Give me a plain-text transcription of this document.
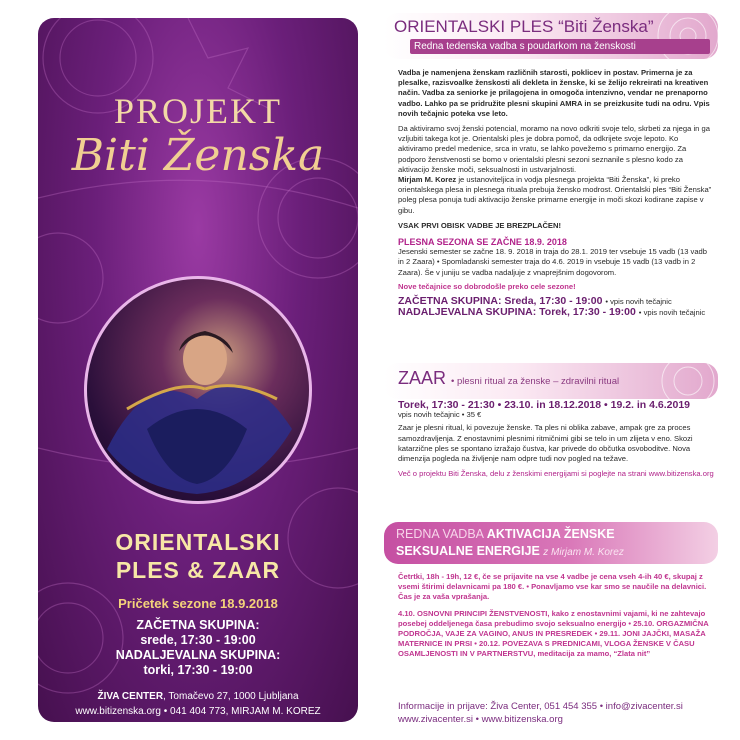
PROJEKT
Biti Ženska
ORIENTALSKI
PLES & ZAAR
Pričetek sezone 18.9.2018
ZAČETNA SKUPINA:
srede, 17:30 - 19:00
NADALJEVALNA SKUPINA:
torki, 17:30 - 19:00
ŽIVA CENTER, Tomačevo 27, 1000 Ljubljana
www.bitizenska.org • 041 404 773, MIRJAM M. KOREZ
ORIENTALSKI PLES “Biti Ženska”
Redna tedenska vadba s poudarkom na ženskosti
Vadba je namenjena ženskam različnih starosti, poklicev in postav. Primerna je za plesalke, razisvoalke ženskosti ali dekleta in ženske, ki se želijo rekreirati na kreativen način. Vadba za seniorke je prilagojena in omogoča intenzivno, vendar ne prenaporno vadbo. Lahko pa se pridružite plesni skupini AMRA in se preizkusite tudi na odru. Vpis novih tečajnic poteka vse leto.
Da aktiviramo svoj ženski potencial, moramo na novo odkriti svoje telo, skrbeti za njega in ga vzljubiti takega kot je. Orientalski ples je dobra pomoč, da odkrijete svoje lepoto. Ko aktiviramo predel medenice, srca in vratu, se lahko povežemo s primarno energijo. Za podporo ženstvenosti se bomo v orientalski plesni sezoni seznanile s plesno kodo za aktivacijo ženske moči, seksualnosti in ustvarjalnosti.
Mirjam M. Korez je ustanoviteljica in vodja plesnega projekta “Biti Ženska”, ki preko orientalskega plesa in plesnega rituala prebuja žensko modrost. Orientalski ples “Biti Ženska” poleg plesa ponuja tudi aktivacijo ženske primarne energije in moči skozi kodirane zapise v gibu.
VSAK PRVI OBISK VADBE JE BREZPLAČEN!
PLESNA SEZONA SE ZAČNE 18.9. 2018
Jesenski semester se začne 18. 9. 2018 in traja do 28.1. 2019 ter vsebuje 15 vadb (13 vadb in 2 Zaara) • Spomladanski semester traja do 4.6. 2019 in vsebuje 15 vadb (13 vadb in 2 Zaara). Še v juniju se vadba nadaljuje z vnaprejšnim dogovorom.
Nove tečajnice so dobrodošle preko cele sezone!
ZAČETNA SKUPINA: Sreda, 17:30 - 19:00 • vpis novih tečajnic
NADALJEVALNA SKUPINA: Torek, 17:30 - 19:00 • vpis novih tečajnic
ZAAR • plesni ritual za ženske – zdravilni ritual
Torek, 17:30 - 21:30 • 23.10. in 18.12.2018 • 19.2. in 4.6.2019
vpis novih tečajnic • 35 €
Zaar je plesni ritual, ki povezuje ženske. Ta ples ni oblika zabave, ampak gre za proces samozdravljenja. Z enostavnimi plesnimi ritmičnimi gibi se telo in um zlijeta v eno. Skozi katarzične ples se spontano izražajo čustva, kar privede do občutka osvoboditve. Nova dimenzija pogleda na življenje nam odpre tudi nov pogled na težave.
Več o projektu Biti Ženska, delu z ženskimi energijami si poglejte na strani www.bitizenska.org
REDNA VADBA AKTIVACIJA ŽENSKE
SEKSUALNE ENERGIJE z Mirjam M. Korez
Četrtki, 18h - 19h, 12 €, če se prijavite na vse 4 vadbe je cena vseh 4-ih 40 €, skupaj z vsemi štirimi delavnicami pa 180 €. • Ponavljamo vse kar smo se naučile na delavnici. Čas je za vaša vprašanja.
4.10. OSNOVNI PRINCIPI ŽENSTVENOSTI, kako z enostavnimi vajami, ki ne zahtevajo posebej oddeljenega časa prebudimo svojo seksualno energijo • 25.10. ORGAZMIČNA PODROČJA, VAJE ZA VAGINO, ANUS IN PRESREDEK • 29.11. JONI JAJČKI, MASAŽA MATERNICE IN PRSI • 20.12. POVEZAVA S PREDNICAMI, VLOGA ŽENSKE V ČASU OSAMLJENOSTI IN V PARTNERSTVU, meditacija za mamo, “Zlata nit”
Informacije in prijave: Živa Center, 051 454 355 • info@zivacenter.si
www.zivacenter.si • www.bitizenska.org
